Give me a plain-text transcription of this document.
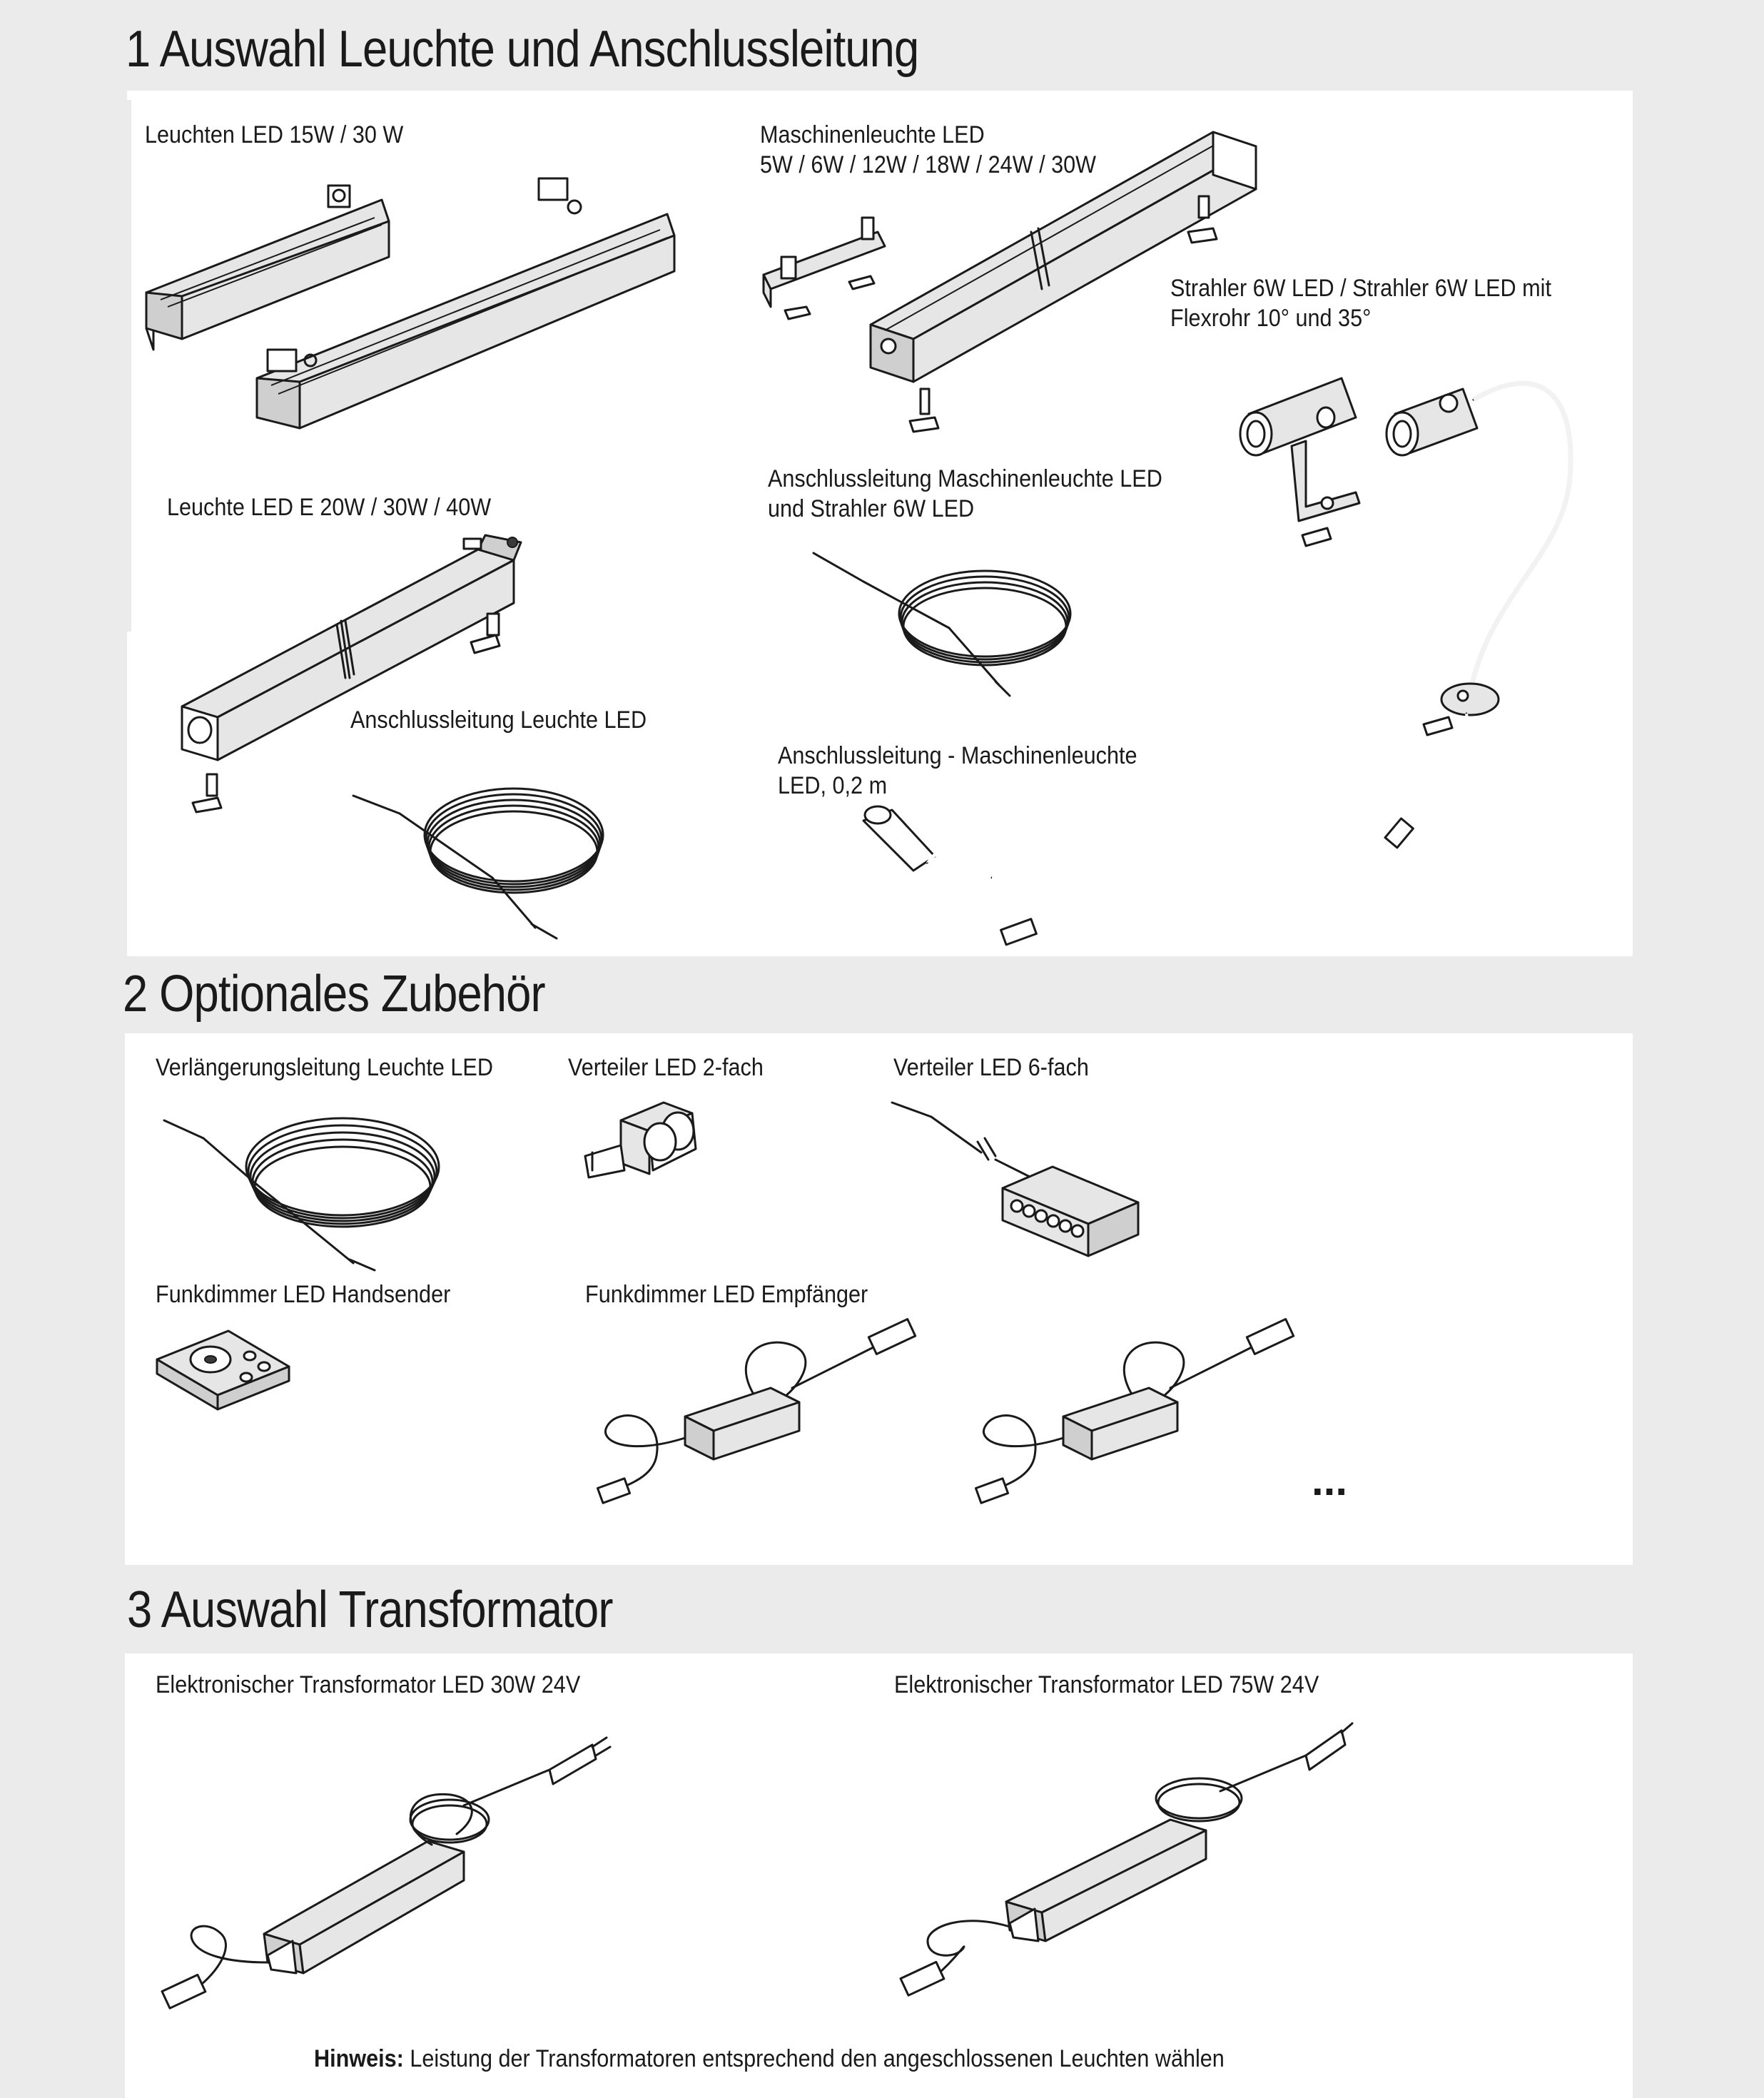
1 Auswahl Leuchte und Anschlussleitung
Leuchten LED 15W / 30 W	Maschinenleuchte LED
5W / 6W / 12W / 18W / 24W / 30W
Strahler 6W LED / Strahler 6W LED mit
Flexrohr 10° und 35°
Leuchte LED E 20W / 30W / 40W
Anschlussleitung Maschinenleuchte LED
und Strahler 6W LED
Anschlussleitung Leuchte LED
Anschlussleitung - Maschinenleuchte
LED, 0,2 m
2 Optionales Zubehör
Verlängerungsleitung Leuchte LED	Verteiler LED 2-fach	Verteiler LED 6-fach
Funkdimmer LED Handsender	Funkdimmer LED Empfänger
...
3 Auswahl Transformator
Elektronischer Transformator LED 30W 24V	Elektronischer Transformator LED 75W 24V
Hinweis: Leistung der Transformatoren entsprechend den angeschlossenen Leuchten wählen
